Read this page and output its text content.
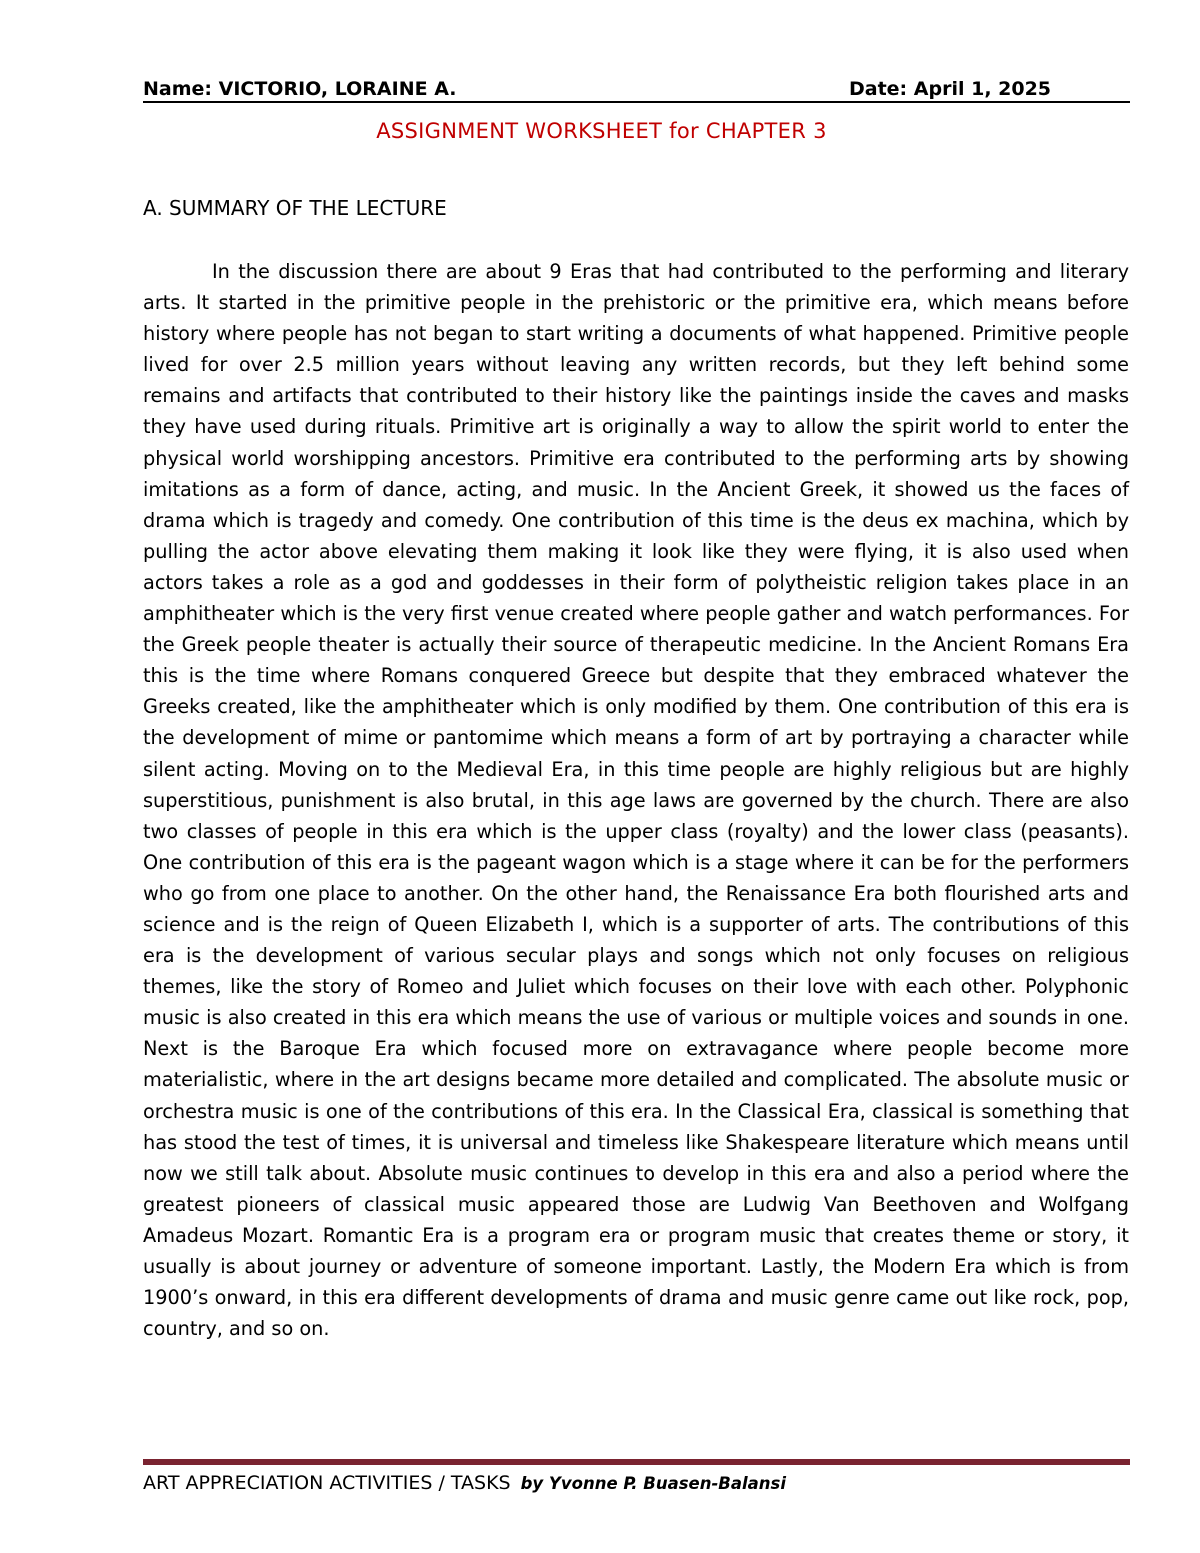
Name: VICTORIO, LORAINE A.	Date: April 1, 2025
ASSIGNMENT WORKSHEET for CHAPTER 3
A. SUMMARY OF THE LECTURE

In the discussion there are about 9 Eras that had contributed to the performing and literary arts. It started in the primitive people in the prehistoric or the primitive era, which means before history where people has not began to start writing a documents of what happened. Primitive people lived for over 2.5 million years without leaving any written records, but they left behind some remains and artifacts that contributed to their history like the paintings inside the caves and masks they have used during rituals. Primitive art is originally a way to allow the spirit world to enter the physical world worshipping ancestors. Primitive era contributed to the performing arts by showing imitations as a form of dance, acting, and music. In the Ancient Greek, it showed us the faces of drama which is tragedy and comedy. One contribution of this time is the deus ex machina, which by pulling the actor above elevating them making it look like they were flying, it is also used when actors takes a role as a god and goddesses in their form of polytheistic religion takes place in an amphitheater which is the very first venue created where people gather and watch performances. For the Greek people theater is actually their source of therapeutic medicine. In the Ancient Romans Era this is the time where Romans conquered Greece but despite that they embraced whatever the Greeks created, like the amphitheater which is only modified by them. One contribution of this era is the development of mime or pantomime which means a form of art by portraying a character while silent acting. Moving on to the Medieval Era, in this time people are highly religious but are highly superstitious, punishment is also brutal, in this age laws are governed by the church. There are also two classes of people in this era which is the upper class (royalty) and the lower class (peasants). One contribution of this era is the pageant wagon which is a stage where it can be for the performers who go from one place to another. On the other hand, the Renaissance Era both flourished arts and science and is the reign of Queen Elizabeth I, which is a supporter of arts. The contributions of this era is the development of various secular plays and songs which not only focuses on religious themes, like the story of Romeo and Juliet which focuses on their love with each other. Polyphonic music is also created in this era which means the use of various or multiple voices and sounds in one. Next is the Baroque Era which focused more on extravagance where people become more materialistic, where in the art designs became more detailed and complicated. The absolute music or orchestra music is one of the contributions of this era. In the Classical Era, classical is something that has stood the test of times, it is universal and timeless like Shakespeare literature which means until now we still talk about. Absolute music continues to develop in this era and also a period where the greatest pioneers of classical music appeared those are Ludwig Van Beethoven and Wolfgang Amadeus Mozart. Romantic Era is a program era or program music that creates theme or story, it usually is about journey or adventure of someone important. Lastly, the Modern Era which is from 1900’s onward, in this era different developments of drama and music genre came out like rock, pop, country, and so on.

ART APPRECIATION ACTIVITIES / TASKS by Yvonne P. Buasen-Balansi
